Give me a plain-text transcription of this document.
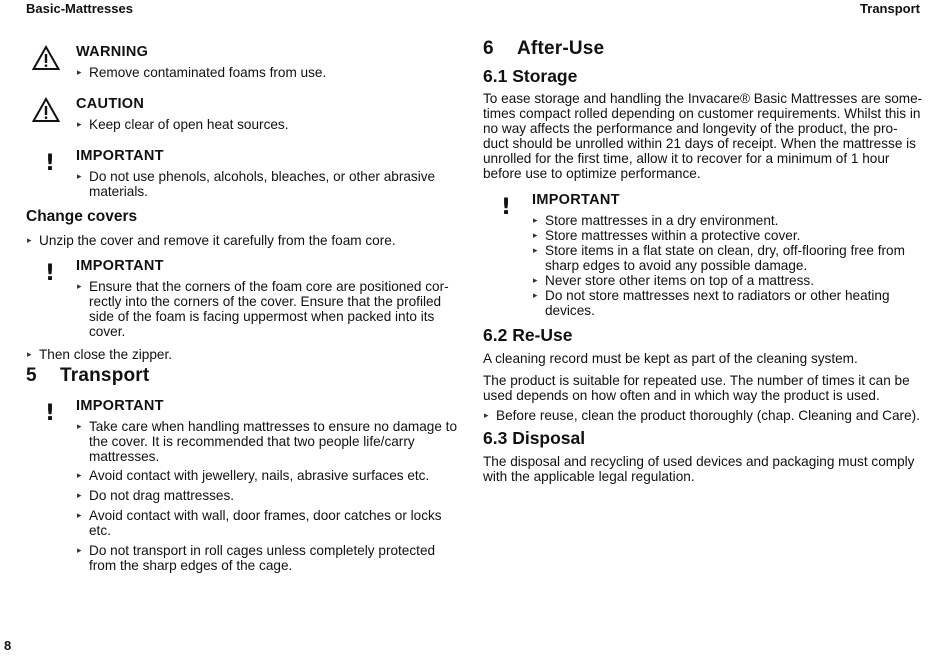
Basic-Mattresses	Transport
WARNING
▸ Remove contaminated foams from use.
CAUTION
▸ Keep clear of open heat sources.
! IMPORTANT
▸ Do not use phenols, alcohols, bleaches, or other abrasive materials.
Change covers
▸ Unzip the cover and remove it carefully from the foam core.
! IMPORTANT
▸ Ensure that the corners of the foam core are positioned cor-rectly into the corners of the cover. Ensure that the profiled side of the foam is facing uppermost when packed into its cover.
▸ Then close the zipper.
5 Transport
! IMPORTANT
▸ Take care when handling mattresses to ensure no damage to the cover. It is recommended that two people life/carry mattresses.
▸ Avoid contact with jewellery, nails, abrasive surfaces etc.
▸ Do not drag mattresses.
▸ Avoid contact with wall, door frames, door catches or locks etc.
▸ Do not transport in roll cages unless completely protected from the sharp edges of the cage.
6 After-Use
6.1 Storage
To ease storage and handling the Invacare® Basic Mattresses are some-times compact rolled depending on customer requirements. Whilst this in no way affects the performance and longevity of the product, the pro-duct should be unrolled within 21 days of receipt. When the mattresse is unrolled for the first time, allow it to recover for a minimum of 1 hour before use to optimize performance.
! IMPORTANT
▸ Store mattresses in a dry environment.
▸ Store mattresses within a protective cover.
▸ Store items in a flat state on clean, dry, off-flooring free from sharp edges to avoid any possible damage.
▸ Never store other items on top of a mattress.
▸ Do not store mattresses next to radiators or other heating devices.
6.2 Re-Use
A cleaning record must be kept as part of the cleaning system.
The product is suitable for repeated use. The number of times it can be used depends on how often and in which way the product is used.
▸ Before reuse, clean the product thoroughly (chap. Cleaning and Care).
6.3 Disposal
The disposal and recycling of used devices and packaging must comply with the applicable legal regulation.
8
